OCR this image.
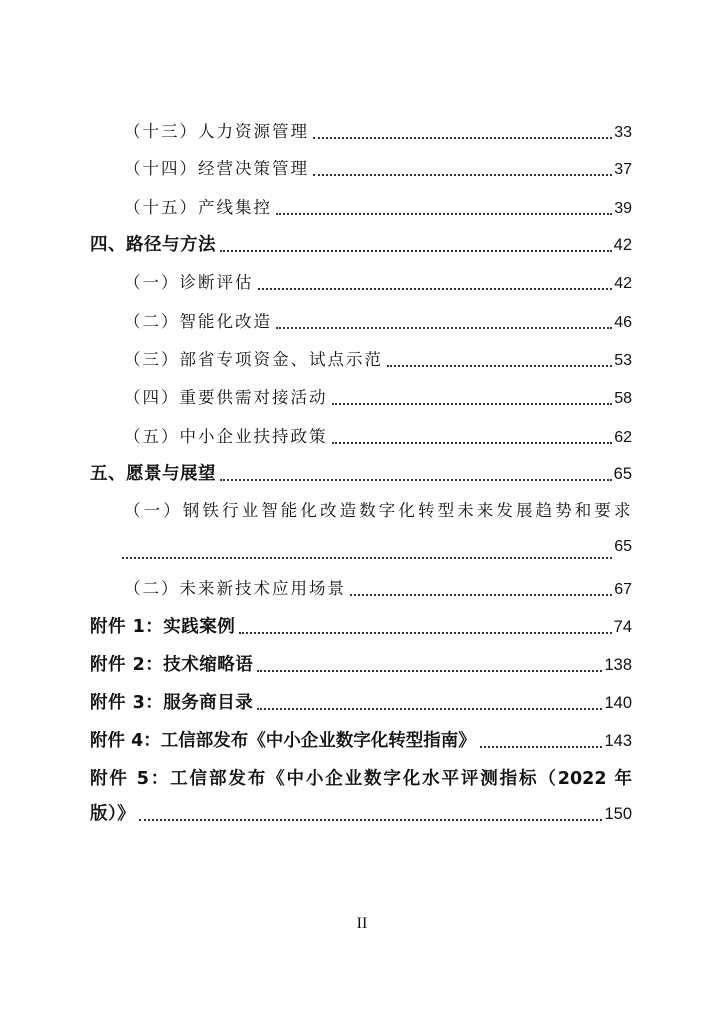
（十三）人力资源管理	33
（十四）经营决策管理	37
（十五）产线集控	39
四、路径与方法	42
（一）诊断评估	42
（二）智能化改造	46
（三）部省专项资金、试点示范	53
（四）重要供需对接活动	58
（五）中小企业扶持政策	62
五、愿景与展望	65
（一）钢铁行业智能化改造数字化转型未来发展趋势和要求
65
（二）未来新技术应用场景	67
附件 1：实践案例	74
附件 2：技术缩略语	138
附件 3：服务商目录	140
附件 4：工信部发布《中小企业数字化转型指南》	143
附件 5：工信部发布《中小企业数字化水平评测指标（2022 年
版）》	150
II
